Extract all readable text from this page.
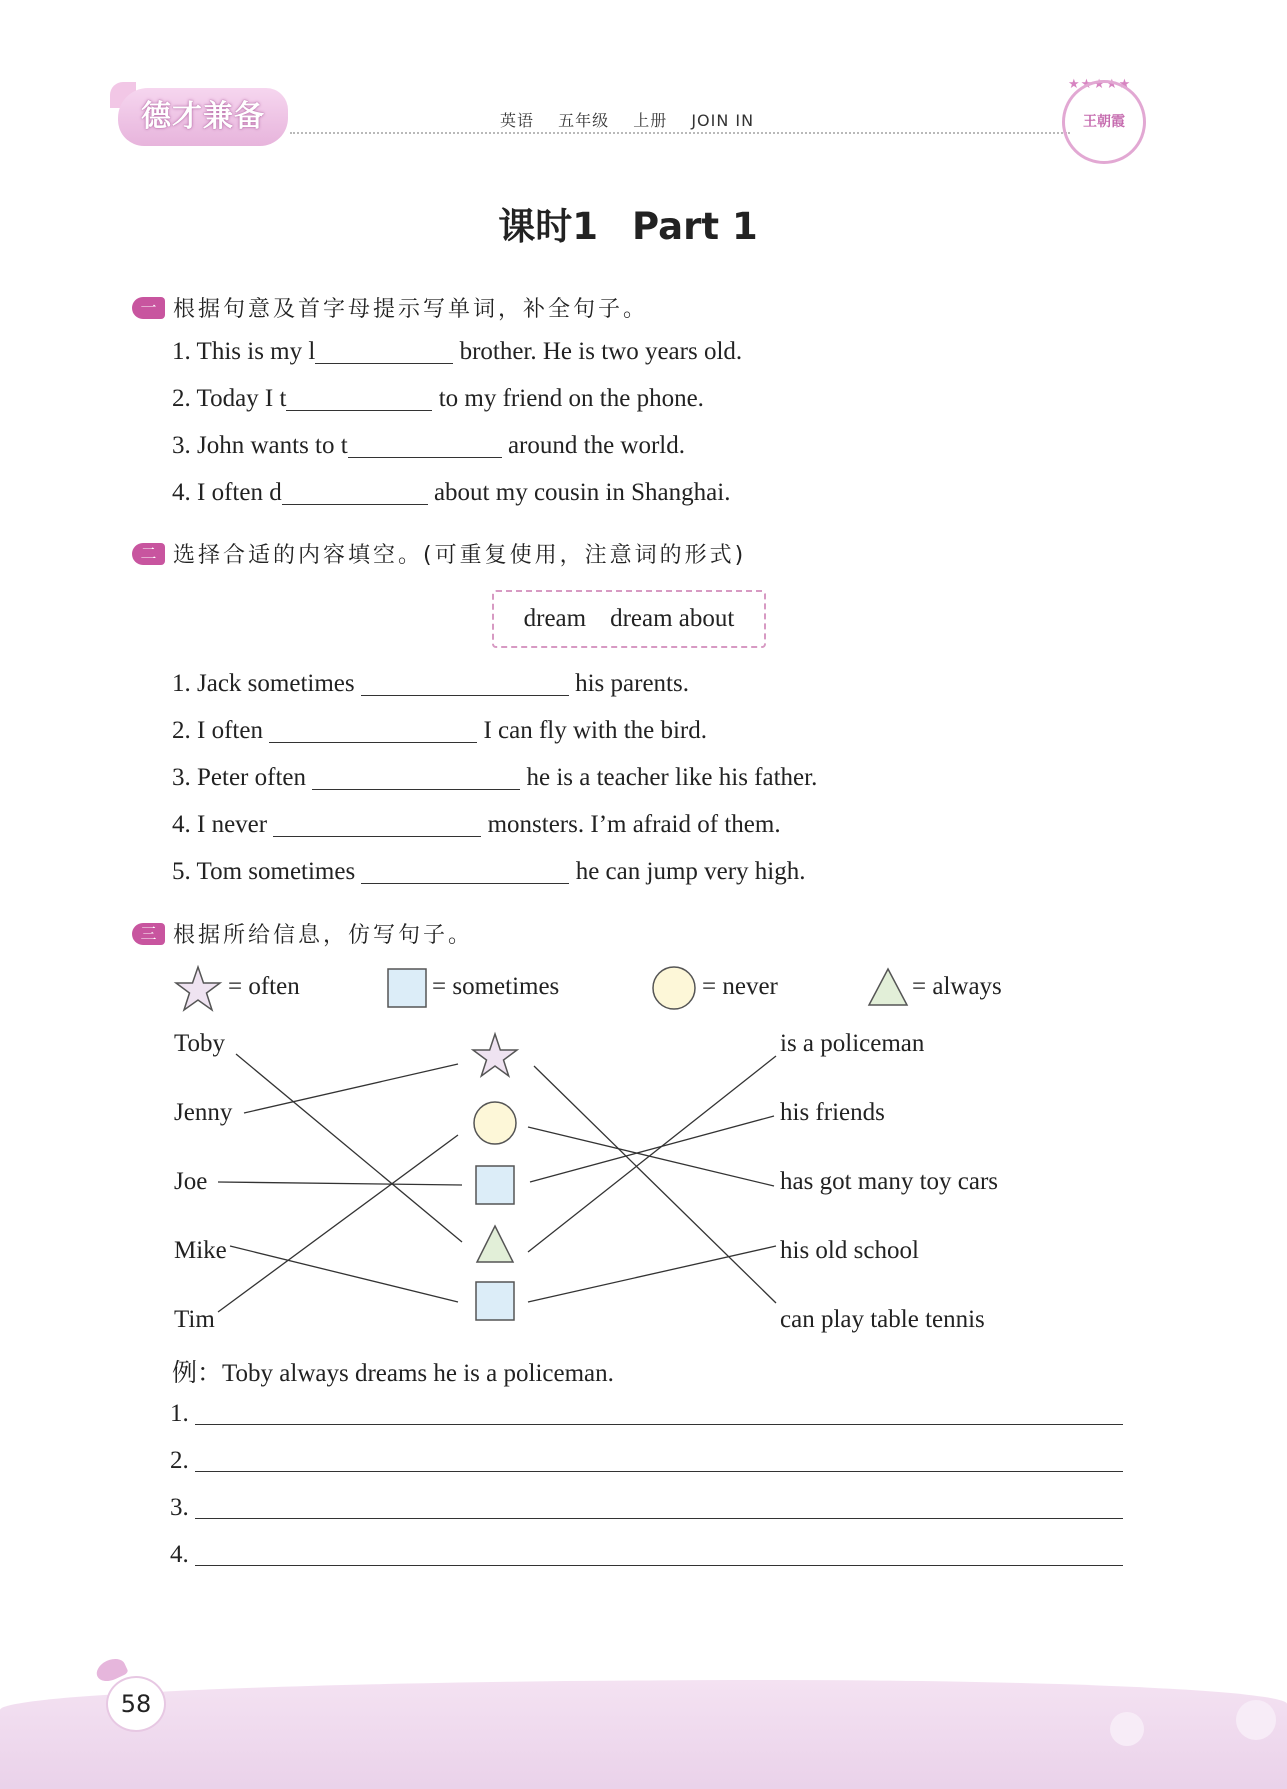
德才兼备	英语 五年级 上册 JOIN IN
★★★★★
王朝霞
课时1 Part 1
一 根据句意及首字母提示写单词，补全句子。
1. This is my l	brother. He is two years old.
2. Today I t	to my friend on the phone.
3. John wants to t	around the world.
4. I often d	about my cousin in Shanghai.
二 选择合适的内容填空。(可重复使用，注意词的形式)
dream dream about
1. Jack sometimes	his parents.
2. I often	I can fly with the bird.
3. Peter often	he is a teacher like his father.
4. I never	monsters. I’m afraid of them.
5. Tom sometimes	he can jump very high.
三 根据所给信息，仿写句子。
= often	= sometimes	= never	= always
Toby
Jenny
Joe
Mike
Tim
is a policeman
his friends
has got many toy cars
his old school
can play table tennis
例：Toby always dreams he is a policeman.
1.
2.
3.
4.
58
